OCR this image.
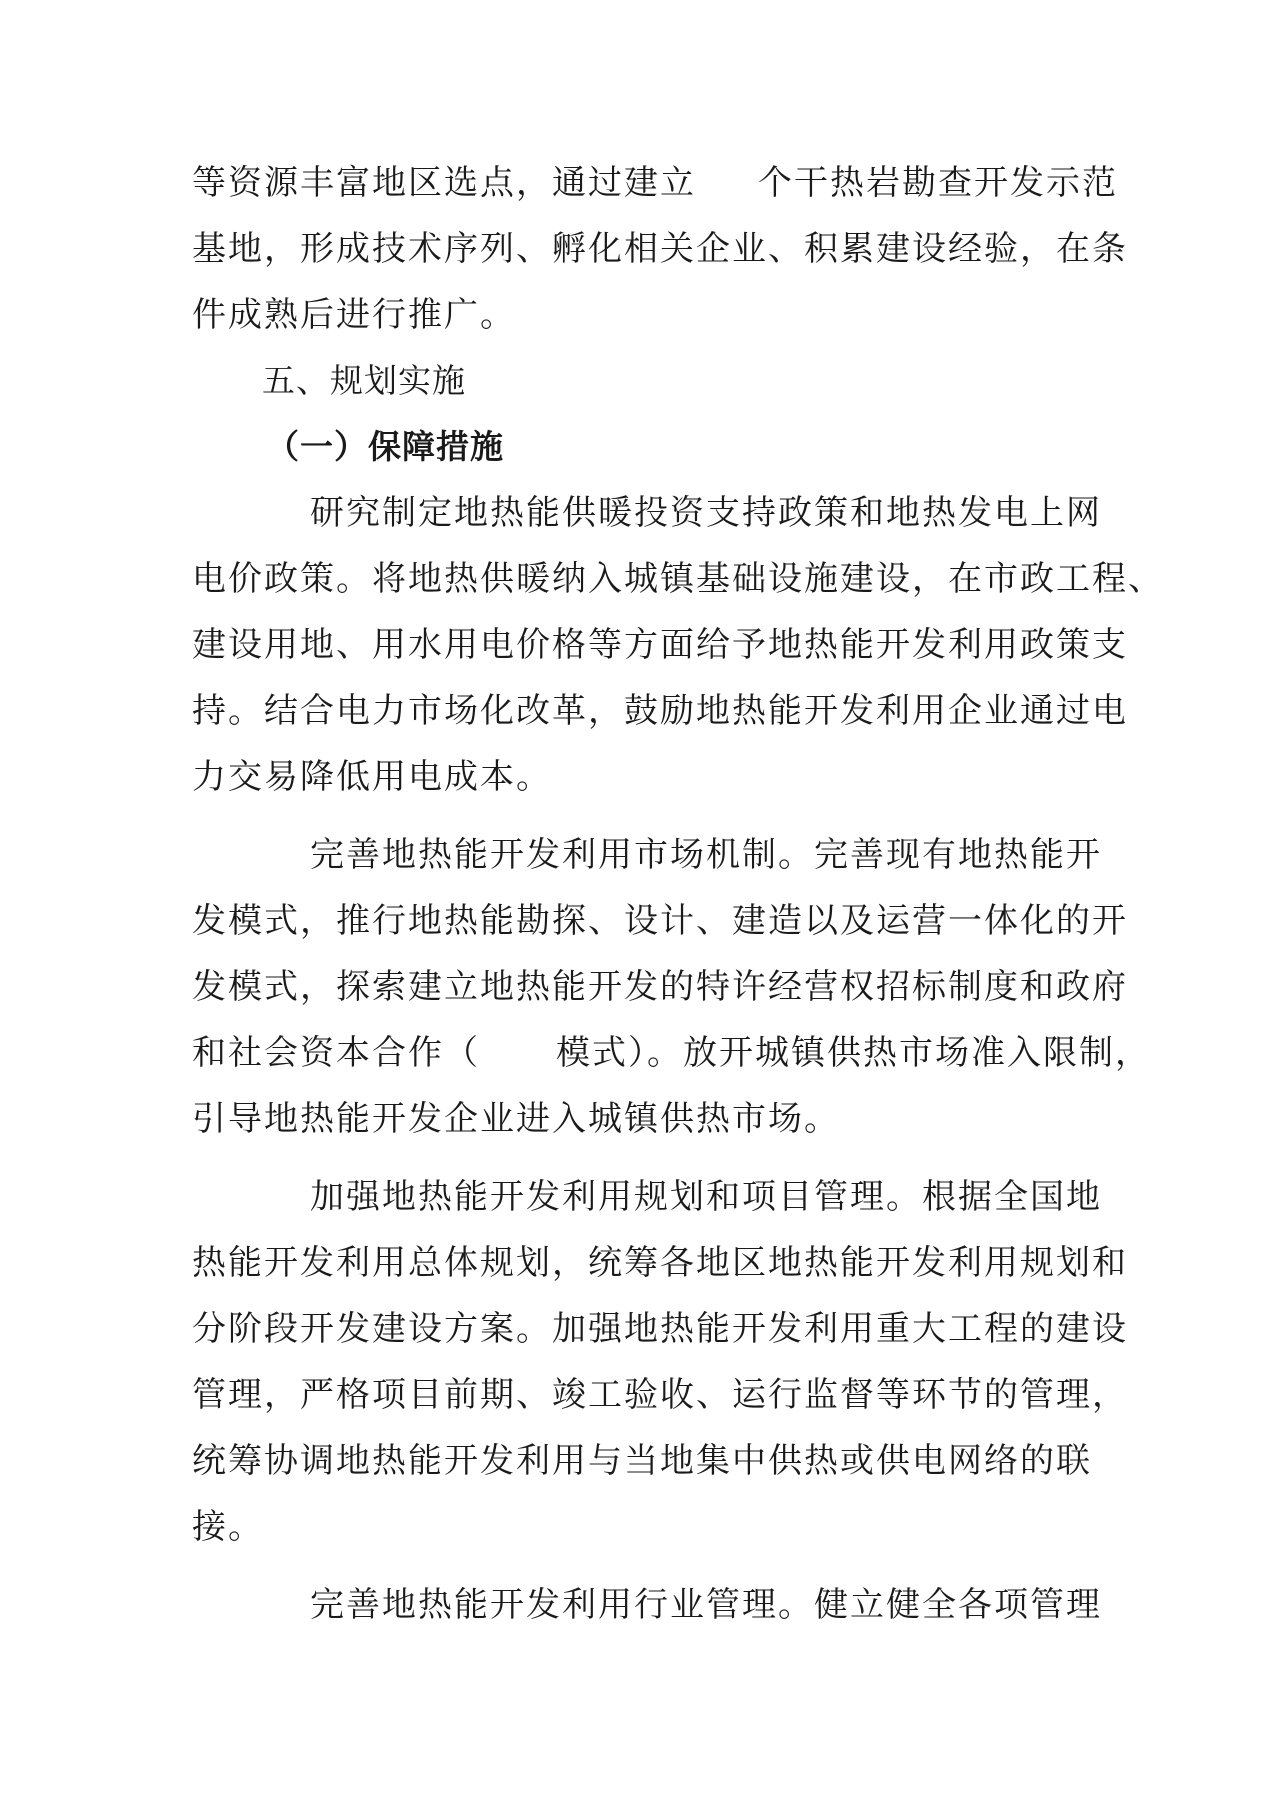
等资源丰富地区选点，通过建立 个干热岩勘查开发示范
基地，形成技术序列、孵化相关企业、积累建设经验，在条
件成熟后进行推广。
五、规划实施
（一）保障措施
研究制定地热能供暖投资支持政策和地热发电上网
电价政策。将地热供暖纳入城镇基础设施建设，在市政工程、
建设用地、用水用电价格等方面给予地热能开发利用政策支
持。结合电力市场化改革，鼓励地热能开发利用企业通过电
力交易降低用电成本。
完善地热能开发利用市场机制。完善现有地热能开
发模式，推行地热能勘探、设计、建造以及运营一体化的开
发模式，探索建立地热能开发的特许经营权招标制度和政府
和社会资本合作（ 模式）。放开城镇供热市场准入限制，
引导地热能开发企业进入城镇供热市场。
加强地热能开发利用规划和项目管理。根据全国地
热能开发利用总体规划，统筹各地区地热能开发利用规划和
分阶段开发建设方案。加强地热能开发利用重大工程的建设
管理，严格项目前期、竣工验收、运行监督等环节的管理，
统筹协调地热能开发利用与当地集中供热或供电网络的联
接。
完善地热能开发利用行业管理。健立健全各项管理
